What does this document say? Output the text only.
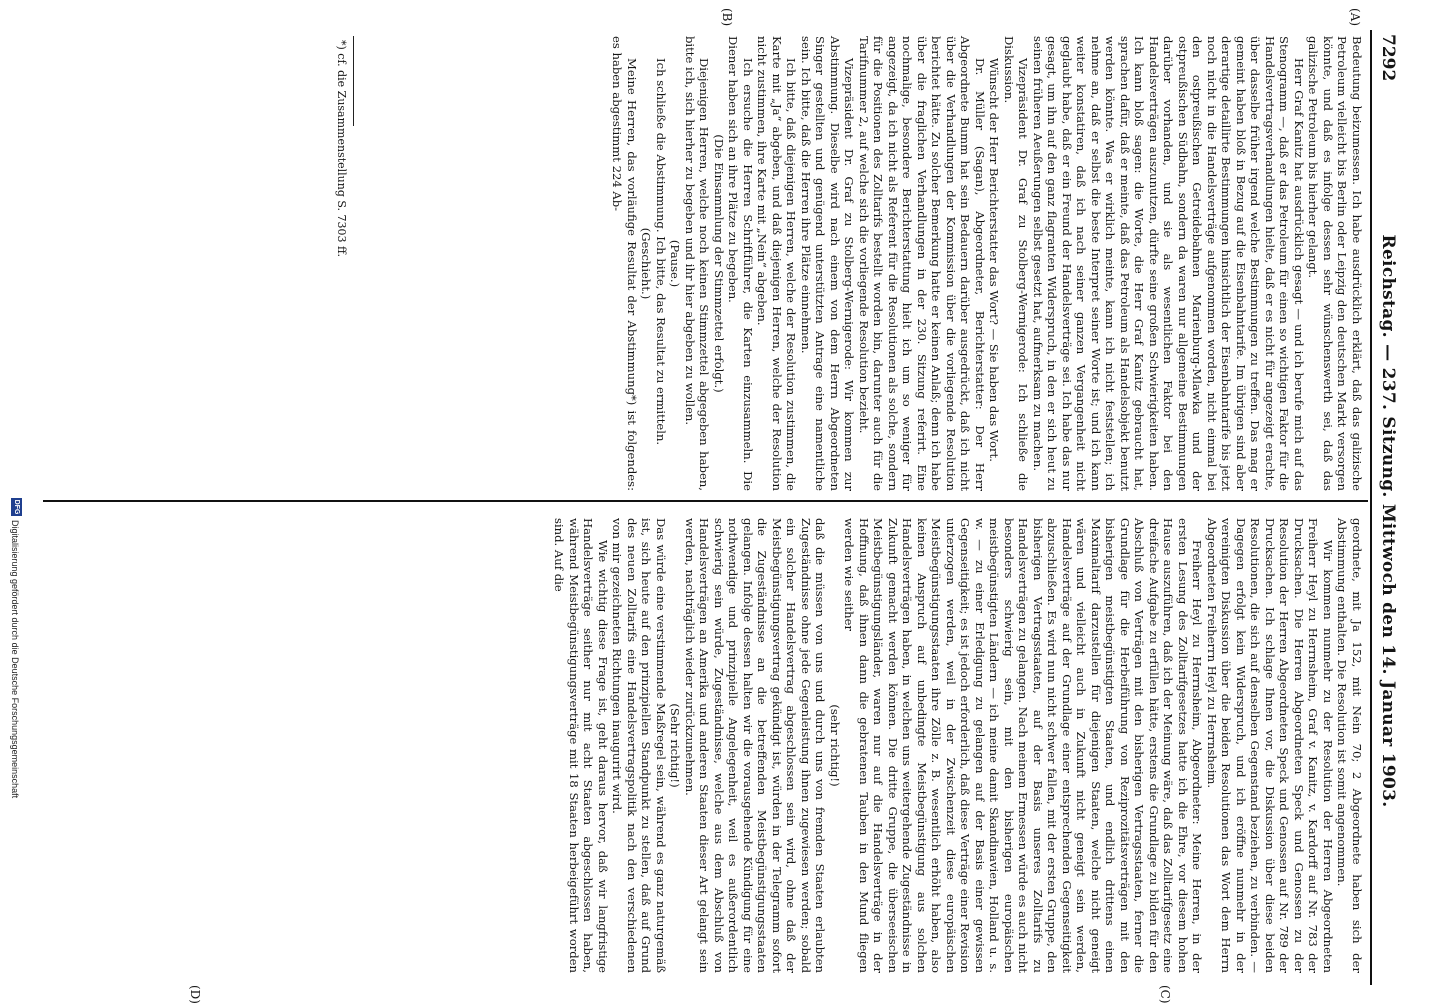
7292
Reichstag. — 237. Sitzung. Mittwoch den 14. Januar 1903.
(A)
(B)
(C)
(D)

Bedeutung beizumessen. Ich habe ausdrücklich erklärt, daß das galizische Petroleum vielleicht bis Berlin oder Leipzig den deutschen Markt versorgen könnte, und daß es infolge dessen sehr wünschenswerth sei, daß das galizische Petroleum bis hierher gelangt.

Herr Graf Kanitz hat ausdrücklich gesagt — und ich berufe mich auf das Stenogramm —, daß er das Petroleum für einen so wichtigen Faktor für die Handelsvertragsverhandlungen hielte, daß er es nicht für angezeigt erachte, über dasselbe früher irgend welche Bestimmungen zu treffen. Das mag er gemeint haben bloß in Bezug auf die Eisenbahntarife. Im übrigen sind aber derartige detaillirte Bestimmungen hinsichtlich der Eisenbahntarife bis jetzt noch nicht in die Handelsverträge aufgenommen worden, nicht einmal bei den ostpreußischen Getreidebahnen Marienburg-Mlawka und der ostpreußischen Südbahn, sondern da waren nur allgemeine Bestimmungen darüber vorhanden, und sie als wesentlichen Faktor bei den Handelsverträgen auszunutzen, dürfte seine großen Schwierigkeiten haben. Ich kann bloß sagen: die Worte, die Herr Graf Kanitz gebraucht hat, sprachen dafür, daß er meinte, daß das Petroleum als Handelsobjekt benutzt werden könnte. Was er wirklich meinte, kann ich nicht feststellen; ich nehme an, daß er selbst die beste Interpret seiner Worte ist; und ich kann weiter konstatiren, daß ich nach seiner ganzen Vergangenheit nicht geglaubt habe, daß er ein Freund der Handelsverträge sei. Ich habe das nur gesagt, um ihn auf den ganz flagranten Widerspruch, in den er sich heut zu seinen früheren Aeußerungen selbst gesetzt hat, aufmerksam zu machen.

Vizepräsident Dr. Graf zu Stolberg-Wernigerode: Ich schließe die Diskussion.

Wünscht der Herr Berichterstatter das Wort? — Sie haben das Wort.

Dr. Müller (Sagan), Abgeordneter, Berichterstatter: Der Herr Abgeordnete Bumm hat sein Bedauern darüber ausgedrückt, daß ich nicht über die Verhandlungen der Kommission über die vorliegende Resolution berichtet hätte. Zu solcher Bemerkung hatte er keinen Anlaß; denn ich habe über die fraglichen Verhandlungen in der 230. Sitzung referirt. Eine nochmalige, besondere Berichterstattung hielt ich um so weniger für angezeigt, da ich nicht als Referent für die Resolutionen als solche, sondern für die Positionen des Zolltarifs bestellt worden bin, darunter auch für die Tarifnummer 2, auf welche sich die vorliegende Resolution bezieht.

Vizepräsident Dr. Graf zu Stolberg-Wernigerode: Wir kommen zur Abstimmung. Dieselbe wird nach einem von dem Herrn Abgeordneten Singer gestellten und genügend unterstützten Antrage eine namentliche sein. Ich bitte, daß die Herren ihre Plätze einnehmen.

Ich bitte, daß diejenigen Herren, welche der Resolution zustimmen, die Karte mit „Ja“ abgeben, und daß diejenigen Herren, welche der Resolution nicht zustimmen, ihre Karte mit „Nein“ abgeben.

Ich ersuche die Herren Schriftführer, die Karten einzusammeln. Die Diener haben sich an ihre Plätze zu begeben.

(Die Einsammlung der Stimmzettel erfolgt.)

Diejenigen Herren, welche noch keinen Stimmzettel abgegeben haben, bitte ich, sich hierher zu begeben und ihr hier abgeben zu wollen.

(Pause.)

Ich schließe die Abstimmung. Ich bitte, das Resultat zu ermitteln.

(Geschieht.)

Meine Herren, das vorläufige Resultat der Abstimmung*) ist folgendes: es haben abgestimmt 224 Ab-

*) cf. die Zusammenstellung S. 7303 ff.

geordnete, mit Ja 152, mit Nein 70; 2 Abgeordnete haben sich der Abstimmung enthalten. Die Resolution ist somit angenommen.

Wir kommen nunmehr zu der Resolution der Herren Abgeordneten Freiherr Heyl zu Herrnsheim, Graf v. Kanitz, v. Kardorff auf Nr. 783 der Drucksachen. Die Herren Abgeordneten Speck und Genossen zu der Resolution der Herren Abgeordneten Speck und Genossen auf Nr. 789 der Drucksachen. Ich schlage Ihnen vor, die Diskussion über diese beiden Resolutionen, die sich auf denselben Gegenstand beziehen, zu verbinden. — Dagegen erfolgt kein Widerspruch, und ich eröffne nunmehr in der vereinigten Diskussion über die beiden Resolutionen das Wort dem Herrn Abgeordneten Freiherrn Heyl zu Herrnsheim.

Freiherr Heyl zu Herrnsheim, Abgeordneter: Meine Herren, in der ersten Lesung des Zolltarifgesetzes hatte ich die Ehre, vor diesem hohen Hause auszuführen, daß ich der Meinung wäre, daß das Zolltarifgesetz eine dreifache Aufgabe zu erfüllen hätte, erstens die Grundlage zu bilden für den Abschluß von Verträgen mit den bisherigen Vertragsstaaten, ferner die Grundlage für die Herbeiführung von Reziprozitätsverträgen mit den bisherigen meistbegünstigten Staaten, und endlich drittens einen Maximaltarif darzustellen für diejenigen Staaten, welche nicht geneigt wären und vielleicht auch in Zukunft nicht geneigt sein werden, Handelsverträge auf der Grundlage einer entsprechenden Gegenseitigkeit abzuschließen. Es wird nun nicht schwer fallen, mit der ersten Gruppe, den bisherigen Vertragsstaaten, auf der Basis unseres Zolltarifs zu Handelsverträgen zu gelangen. Nach meinem Ermessen würde es auch nicht besonders schwierig sein, mit den bisherigen europäischen meistbegünstigten Ländern — ich meine damit Skandinavien, Holland u. s. w. — zu einer Erledigung zu gelangen auf der Basis einer gewissen Gegenseitigkeit; es ist jedoch erforderlich, daß diese Verträge einer Revision unterzogen werden, weil in der Zwischenzeit diese europäischen Meistbegünstigungsstaaten ihre Zölle z. B. wesentlich erhöht haben, also keinen Anspruch auf unbedingte Meistbegünstigung aus solchen Handelsverträgen haben, in welchen uns weitergehende Zugeständnisse in Zukunft gemacht werden können. Die dritte Gruppe, die überseeischen Meistbegünstigungsländer, waren nur auf die Handelsverträge in der Hoffnung, daß ihnen dann die gebratenen Tauben in den Mund fliegen werden wie seither

(sehr richtig!)

daß die müssen von uns und durch uns von fremden Staaten erlaubten Zugeständnisse ohne jede Gegenleistung ihnen zugewiesen werden; sobald ein solcher Handelsvertrag abgeschlossen sein wird, ohne daß der Meistbegünstigungsvertrag gekündigt ist, würden in der Telegramm sofort die Zugeständnisse an die betreffenden Meistbegünstigungsstaaten gelangen. Infolge dessen halten wir die vorausgehende Kündigung für eine nothwendige und prinzipielle Angelegenheit, weil es außerordentlich schwierig sein würde, Zugeständnisse, welche aus dem Abschluß von Handelsverträgen an Amerika und anderen Staaten dieser Art gelangt sein werden, nachträglich wieder zurückzunehmen.

(Sehr richtig!)

Das würde eine verstimmende Maßregel sein, während es ganz naturgemäß ist, sich heute auf den prinzipiellen Standpunkt zu stellen, daß auf Grund des neuen Zolltarifs eine Handelsvertragspolitik nach den verschiedenen von mir gezeichneten Richtungen inaugurirt wird.

Wie wichtig diese Frage ist, geht daraus hervor, daß wir langfristige Handelsverträge seither nur mit acht Staaten abgeschlossen haben, während Meistbegünstigungsverträge mit 18 Staaten herbeigeführt worden sind. Auf die

DFG
Digitalisierung gefördert durch die Deutsche Forschungsgemeinschaft
